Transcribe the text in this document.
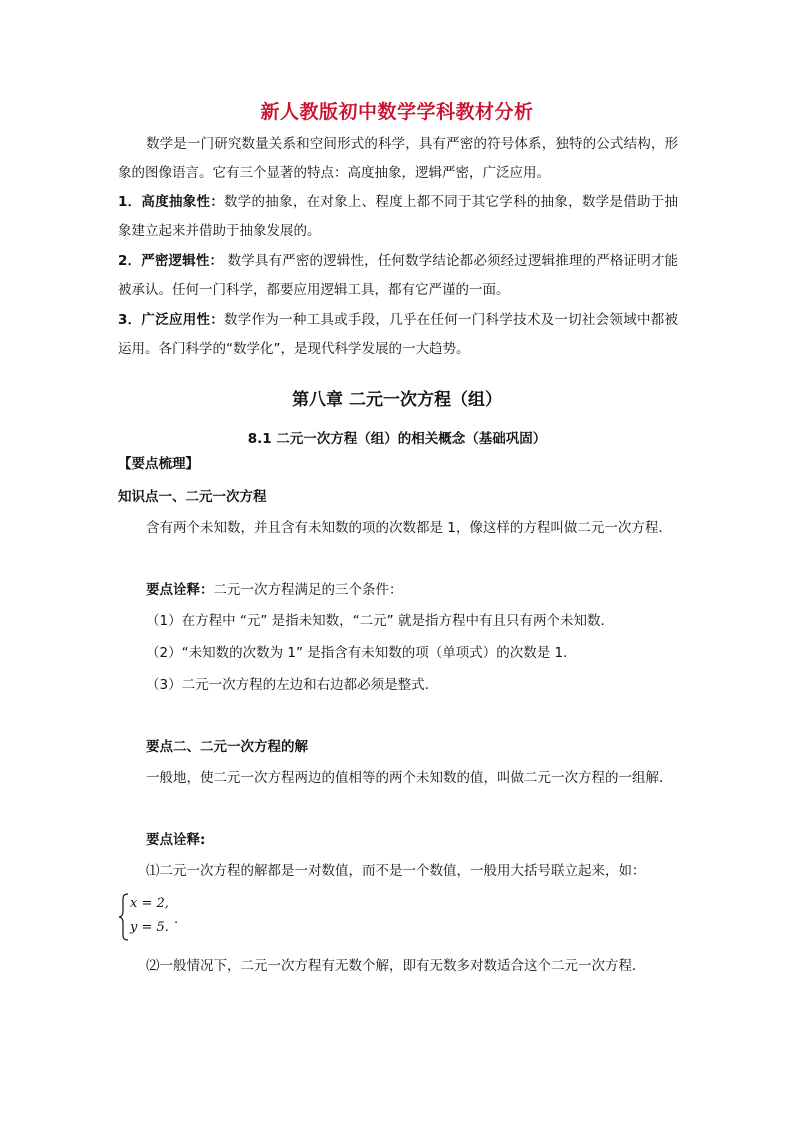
新人教版初中数学学科教材分析
数学是一门研究数量关系和空间形式的科学，具有严密的符号体系，独特的公式结构，形象的图像语言。它有三个显著的特点：高度抽象，逻辑严密，广泛应用。
1．高度抽象性：数学的抽象，在对象上、程度上都不同于其它学科的抽象，数学是借助于抽象建立起来并借助于抽象发展的。
2．严密逻辑性： 数学具有严密的逻辑性，任何数学结论都必须经过逻辑推理的严格证明才能被承认。任何一门科学，都要应用逻辑工具，都有它严谨的一面。
3．广泛应用性：数学作为一种工具或手段，几乎在任何一门科学技术及一切社会领域中都被运用。各门科学的“数学化”，是现代科学发展的一大趋势。
第八章 二元一次方程（组）
8.1 二元一次方程（组）的相关概念（基础巩固）
【要点梳理】
知识点一、二元一次方程
含有两个未知数，并且含有未知数的项的次数都是 1，像这样的方程叫做二元一次方程．
要点诠释：二元一次方程满足的三个条件：
（1）在方程中 “元” 是指未知数，“二元” 就是指方程中有且只有两个未知数.
（2）“未知数的次数为 1” 是指含有未知数的项（单项式）的次数是 1.
（3）二元一次方程的左边和右边都必须是整式.
要点二、二元一次方程的解
一般地，使二元一次方程两边的值相等的两个未知数的值，叫做二元一次方程的一组解．
要点诠释:
⑴二元一次方程的解都是一对数值，而不是一个数值，一般用大括号联立起来，如：
x = 2,
y = 5.
.
⑵一般情况下，二元一次方程有无数个解，即有无数多对数适合这个二元一次方程．
